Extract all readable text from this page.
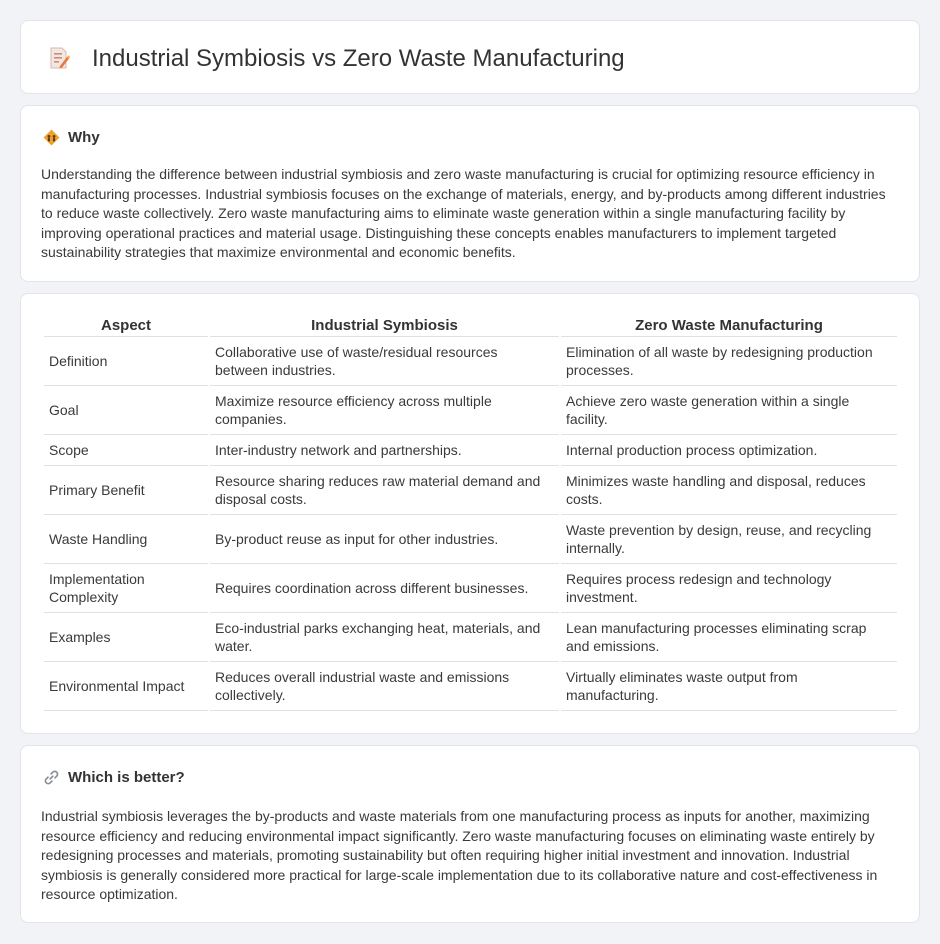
Industrial Symbiosis vs Zero Waste Manufacturing
Why

Understanding the difference between industrial symbiosis and zero waste manufacturing is crucial for optimizing resource efficiency in manufacturing processes. Industrial symbiosis focuses on the exchange of materials, energy, and by-products among different industries to reduce waste collectively. Zero waste manufacturing aims to eliminate waste generation within a single manufacturing facility by improving operational practices and material usage. Distinguishing these concepts enables manufacturers to implement targeted sustainability strategies that maximize environmental and economic benefits.

Aspect	Industrial Symbiosis	Zero Waste Manufacturing
Definition	Collaborative use of waste/residual resources between industries.	Elimination of all waste by redesigning production processes.
Goal	Maximize resource efficiency across multiple companies.	Achieve zero waste generation within a single facility.
Scope	Inter-industry network and partnerships.	Internal production process optimization.
Primary Benefit	Resource sharing reduces raw material demand and disposal costs.	Minimizes waste handling and disposal, reduces costs.
Waste Handling	By-product reuse as input for other industries.	Waste prevention by design, reuse, and recycling internally.
Implementation Complexity	Requires coordination across different businesses.	Requires process redesign and technology investment.
Examples	Eco-industrial parks exchanging heat, materials, and water.	Lean manufacturing processes eliminating scrap and emissions.
Environmental Impact	Reduces overall industrial waste and emissions collectively.	Virtually eliminates waste output from manufacturing.
Which is better?

Industrial symbiosis leverages the by-products and waste materials from one manufacturing process as inputs for another, maximizing resource efficiency and reducing environmental impact significantly. Zero waste manufacturing focuses on eliminating waste entirely by redesigning processes and materials, promoting sustainability but often requiring higher initial investment and innovation. Industrial symbiosis is generally considered more practical for large-scale implementation due to its collaborative nature and cost-effectiveness in resource optimization.
